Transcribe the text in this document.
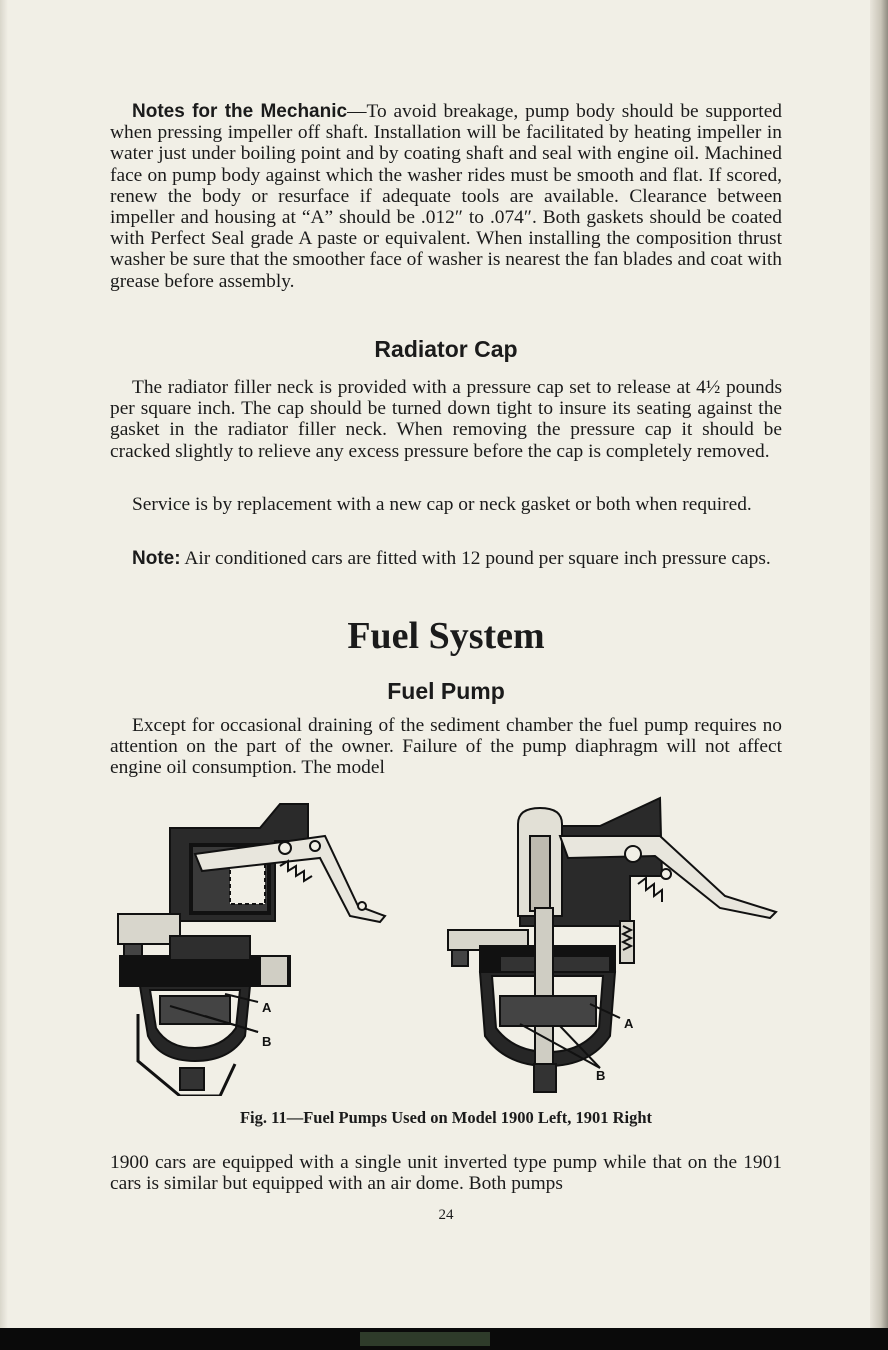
Notes for the Mechanic—To avoid breakage, pump body should be supported when pressing impeller off shaft. Installation will be facilitated by heating impeller in water just under boiling point and by coating shaft and seal with engine oil. Machined face on pump body against which the washer rides must be smooth and flat. If scored, renew the body or resurface if adequate tools are available. Clearance between impeller and housing at “A” should be .012″ to .074″. Both gaskets should be coated with Perfect Seal grade A paste or equivalent. When installing the composition thrust washer be sure that the smoother face of washer is nearest the fan blades and coat with grease before assembly.

Radiator Cap

The radiator filler neck is provided with a pressure cap set to release at 4½ pounds per square inch. The cap should be turned down tight to insure its seating against the gasket in the radiator filler neck. When removing the pressure cap it should be cracked slightly to relieve any excess pressure before the cap is completely removed.

Service is by replacement with a new cap or neck gasket or both when required.

Note: Air conditioned cars are fitted with 12 pound per square inch pressure caps.

Fuel System
Fuel Pump

Except for occasional draining of the sediment chamber the fuel pump requires no attention on the part of the owner. Failure of the pump diaphragm will not affect engine oil consumption. The model

A
B
A
B

Fig. 11—Fuel Pumps Used on Model 1900 Left, 1901 Right

1900 cars are equipped with a single unit inverted type pump while that on the 1901 cars is similar but equipped with an air dome. Both pumps

24
